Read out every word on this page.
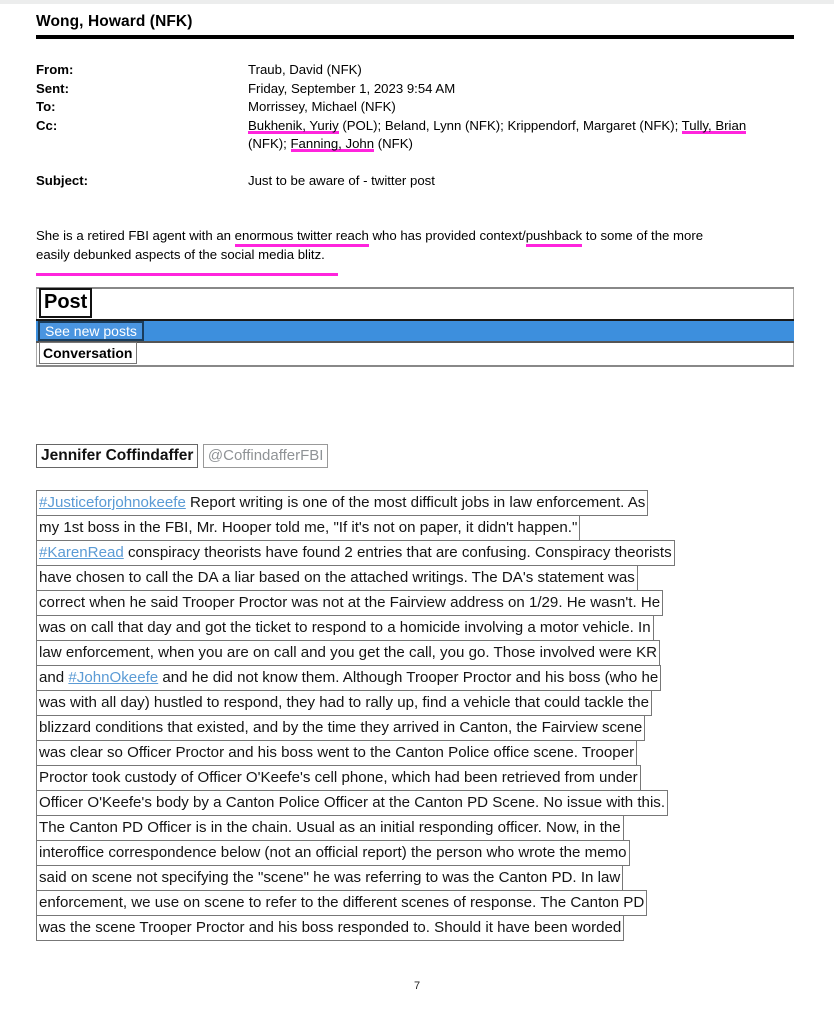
Wong, Howard (NFK)
From:	Traub, David (NFK)
Sent:	Friday, September 1, 2023 9:54 AM
To:	Morrissey, Michael (NFK)
Cc:	Bukhenik, Yuriy (POL); Beland, Lynn (NFK); Krippendorf, Margaret (NFK); Tully, Brian
(NFK); Fanning, John (NFK)
Subject:	Just to be aware of - twitter post
She is a retired FBI agent with an enormous twitter reach who has provided context/pushback to some of the more
easily debunked aspects of the social media blitz.
Post
See new posts
Conversation
Jennifer Coffindaffer @CoffindafferFBI
#Justiceforjohnokeefe Report writing is one of the most difficult jobs in law enforcement. As
my 1st boss in the FBI, Mr. Hooper told me, "If it's not on paper, it didn't happen."
#KarenRead conspiracy theorists have found 2 entries that are confusing. Conspiracy theorists
have chosen to call the DA a liar based on the attached writings. The DA's statement was
correct when he said Trooper Proctor was not at the Fairview address on 1/29. He wasn't. He
was on call that day and got the ticket to respond to a homicide involving a motor vehicle. In
law enforcement, when you are on call and you get the call, you go. Those involved were KR
and #JohnOkeefe and he did not know them. Although Trooper Proctor and his boss (who he
was with all day) hustled to respond, they had to rally up, find a vehicle that could tackle the
blizzard conditions that existed, and by the time they arrived in Canton, the Fairview scene
was clear so Officer Proctor and his boss went to the Canton Police office scene. Trooper
Proctor took custody of Officer O'Keefe's cell phone, which had been retrieved from under
Officer O'Keefe's body by a Canton Police Officer at the Canton PD Scene. No issue with this.
The Canton PD Officer is in the chain. Usual as an initial responding officer. Now, in the
interoffice correspondence below (not an official report) the person who wrote the memo
said on scene not specifying the "scene" he was referring to was the Canton PD. In law
enforcement, we use on scene to refer to the different scenes of response. The Canton PD
was the scene Trooper Proctor and his boss responded to. Should it have been worded
7
